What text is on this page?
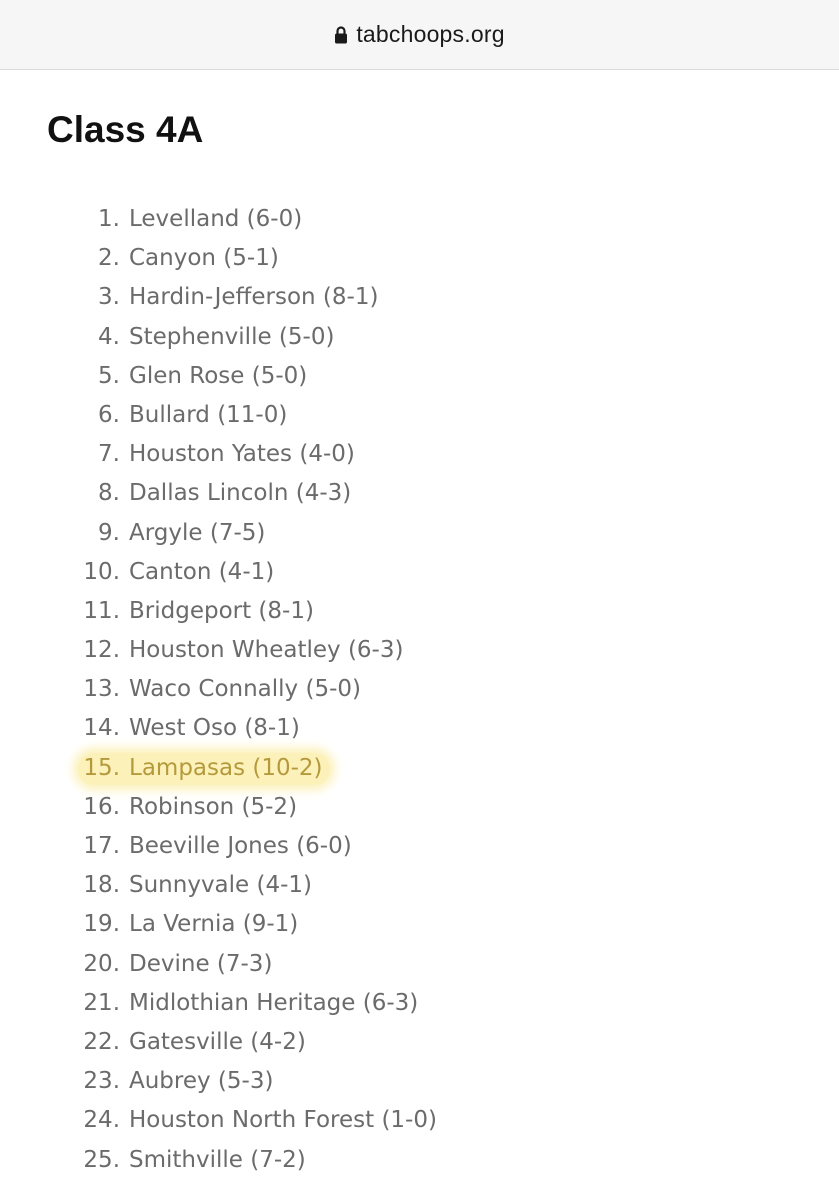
tabchoops.org
Class 4A
1. Levelland (6-0)
2. Canyon (5-1)
3. Hardin-Jefferson (8-1)
4. Stephenville (5-0)
5. Glen Rose (5-0)
6. Bullard (11-0)
7. Houston Yates (4-0)
8. Dallas Lincoln (4-3)
9. Argyle (7-5)
10. Canton (4-1)
11. Bridgeport (8-1)
12. Houston Wheatley (6-3)
13. Waco Connally (5-0)
14. West Oso (8-1)
15. Lampasas (10-2)
16. Robinson (5-2)
17. Beeville Jones (6-0)
18. Sunnyvale (4-1)
19. La Vernia (9-1)
20. Devine (7-3)
21. Midlothian Heritage (6-3)
22. Gatesville (4-2)
23. Aubrey (5-3)
24. Houston North Forest (1-0)
25. Smithville (7-2)
